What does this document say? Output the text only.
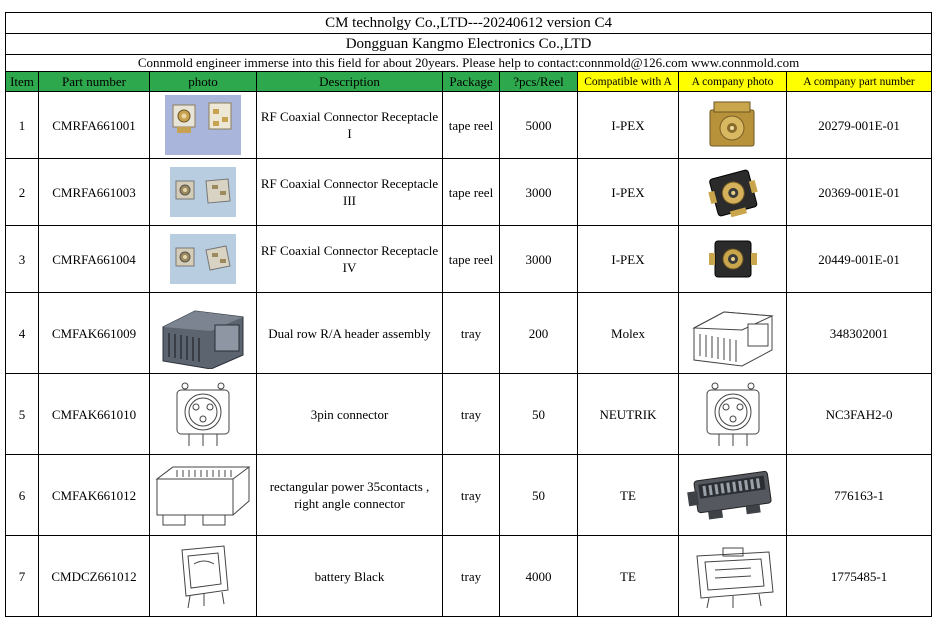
CM technolgy Co.,LTD---20240612 version C4								
Dongguan Kangmo Electronics Co.,LTD								
Connmold engineer immerse into this field for about 20years. Please help to contact:connmold@126.com www.connmold.com								
Item	Part number	photo	Description	Package	?pcs/Reel	Compatible with A	A company photo	A company part number
1	CMRFA661001		RF Coaxial Connector Receptacle I	tape reel	5000	I-PEX		20279-001E-01
2	CMRFA661003		RF Coaxial Connector Receptacle III	tape reel	3000	I-PEX		20369-001E-01
3	CMRFA661004		RF Coaxial Connector Receptacle IV	tape reel	3000	I-PEX		20449-001E-01
4	CMFAK661009		Dual row R/A header assembly	tray	200	Molex		348302001
5	CMFAK661010		3pin connector	tray	50	NEUTRIK		NC3FAH2-0
6	CMFAK661012		rectangular power 35contacts , right angle connector	tray	50	TE		776163-1
7	CMDCZ661012		battery Black	tray	4000	TE		1775485-1
